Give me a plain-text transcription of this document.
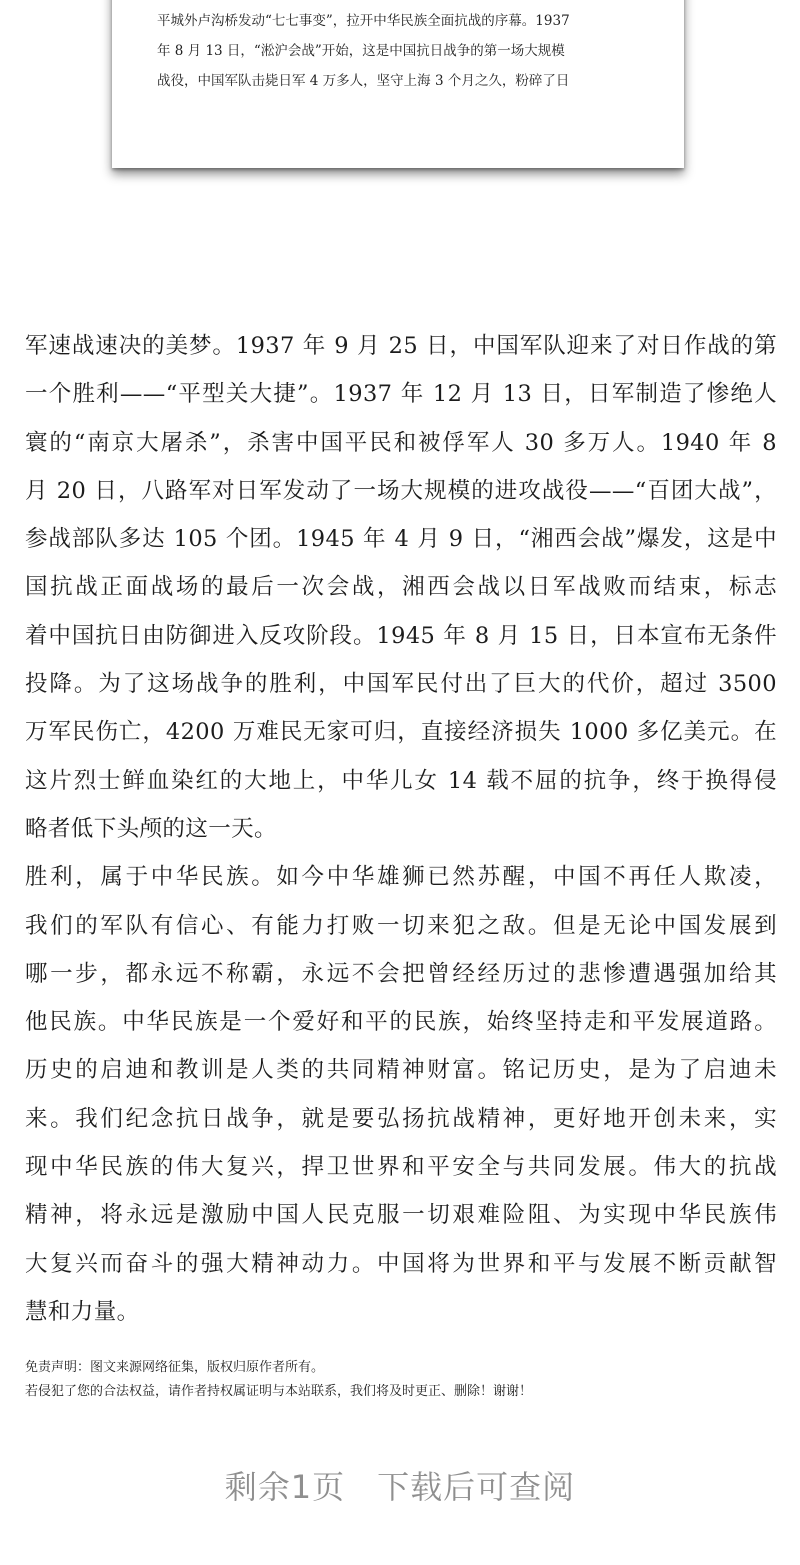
平城外卢沟桥发动“七七事变”，拉开中华民族全面抗战的序幕。1937
年 8 月 13 日，“淞沪会战”开始，这是中国抗日战争的第一场大规模
战役，中国军队击毙日军 4 万多人，坚守上海 3 个月之久，粉碎了日
军速战速决的美梦。1937 年 9 月 25 日，中国军队迎来了对日作战的第
一个胜利——“平型关大捷”。1937 年 12 月 13 日，日军制造了惨绝人
寰的“南京大屠杀”，杀害中国平民和被俘军人 30 多万人。1940 年 8
月 20 日，八路军对日军发动了一场大规模的进攻战役——“百团大战”，
参战部队多达 105 个团。1945 年 4 月 9 日，“湘西会战”爆发，这是中
国抗战正面战场的最后一次会战，湘西会战以日军战败而结束，标志
着中国抗日由防御进入反攻阶段。1945 年 8 月 15 日，日本宣布无条件
投降。为了这场战争的胜利，中国军民付出了巨大的代价，超过 3500
万军民伤亡，4200 万难民无家可归，直接经济损失 1000 多亿美元。在
这片烈士鲜血染红的大地上，中华儿女 14 载不屈的抗争，终于换得侵
略者低下头颅的这一天。
胜利，属于中华民族。如今中华雄狮已然苏醒，中国不再任人欺凌，
我们的军队有信心、有能力打败一切来犯之敌。但是无论中国发展到
哪一步，都永远不称霸，永远不会把曾经经历过的悲惨遭遇强加给其
他民族。中华民族是一个爱好和平的民族，始终坚持走和平发展道路。
历史的启迪和教训是人类的共同精神财富。铭记历史，是为了启迪未
来。我们纪念抗日战争，就是要弘扬抗战精神，更好地开创未来，实
现中华民族的伟大复兴，捍卫世界和平安全与共同发展。伟大的抗战
精神，将永远是激励中国人民克服一切艰难险阻、为实现中华民族伟
大复兴而奋斗的强大精神动力。中国将为世界和平与发展不断贡献智
慧和力量。
免责声明：图文来源网络征集，版权归原作者所有。
若侵犯了您的合法权益，请作者持权属证明与本站联系，我们将及时更正、删除！谢谢！
剩余1页 下载后可查阅
